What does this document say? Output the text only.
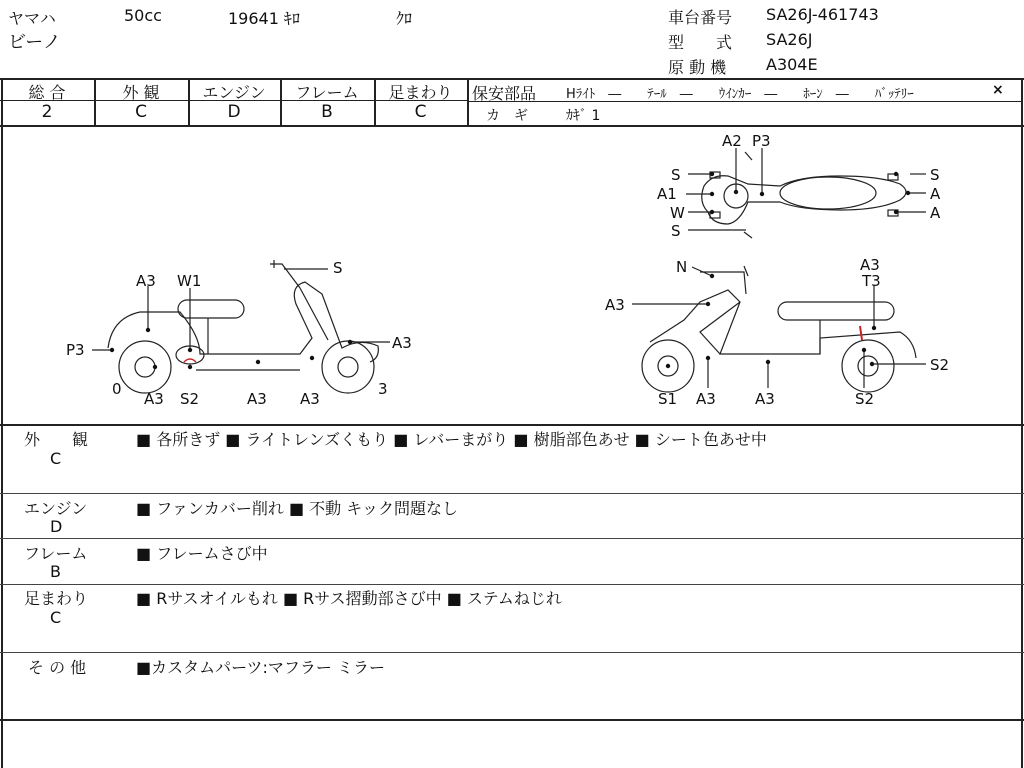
ヤマハ	50cc	19641 ｷﾛ	ｸﾛ
ビーノ
車台番号 SA26J-461743
型　　式 SA26J
原 動 機 A304E
総 合
2
外 観
C
エンジン
D
フレーム
B
足まわり
C
保安部品 Hﾗｲﾄ　―　　ﾃｰﾙ　―　　ｳｲﾝｶｰ　―　　ﾎｰﾝ　―　　ﾊﾞｯﾃﾘｰ	×
カ　ギ	ｶｷﾞ 1
A2 P3
S
A1
W
S
S
A
A
S
A3 W1
P3
0
A3 S2	A3 A3
A3
3
N	A3
T3
A3
S2
S1 A3	A3	S2
外　　観
C
■ 各所きず ■ ライトレンズくもり ■ レバーまがり ■ 樹脂部色あせ ■ シート色あせ中
エンジン
D
■ ファンカバー削れ ■ 不動 キック問題なし
フレーム
B
■ フレームさび中
足まわり
C
■ Rサスオイルもれ ■ Rサス摺動部さび中 ■ ステムねじれ
そ の 他	■カスタムパーツ:マフラー ミラー
